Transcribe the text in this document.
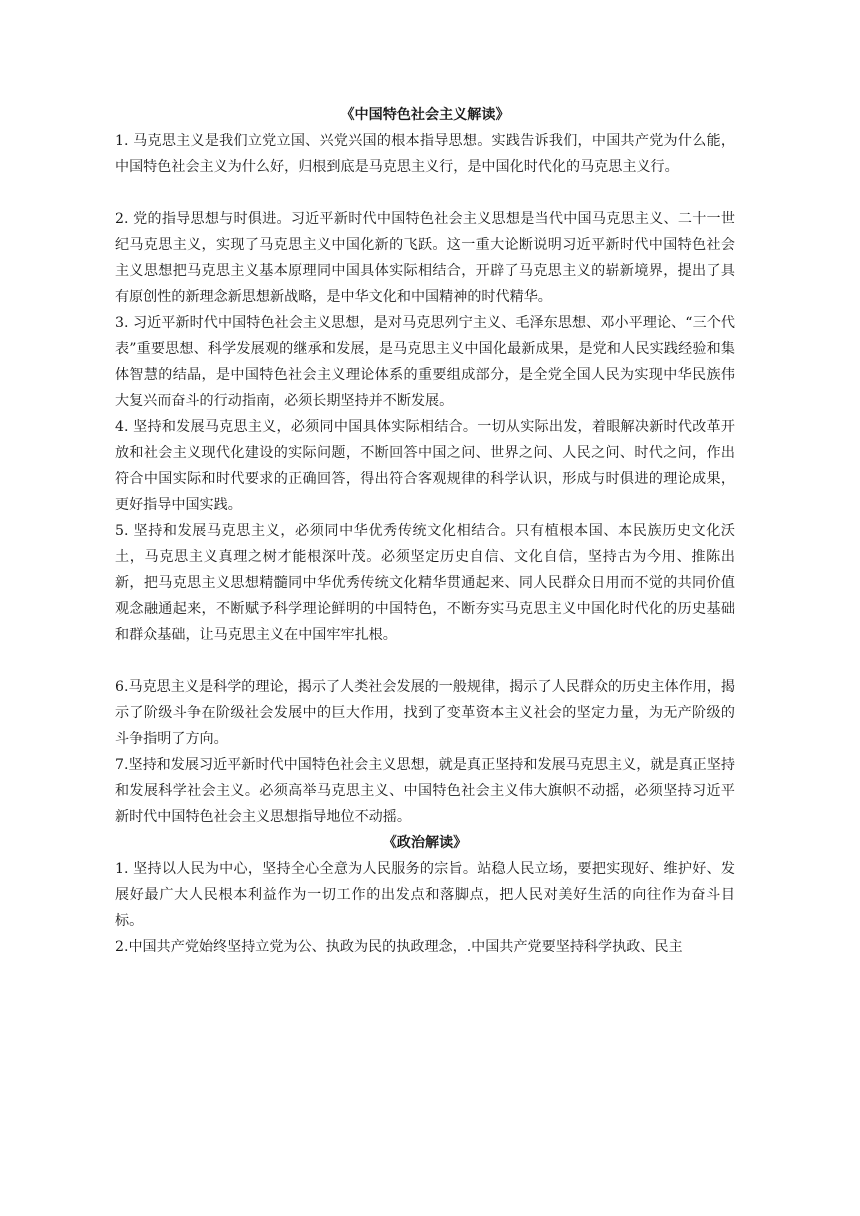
《中国特色社会主义解读》

1. 马克思主义是我们立党立国、兴党兴国的根本指导思想。实践告诉我们，中国共产党为什么能，中国特色社会主义为什么好，归根到底是马克思主义行，是中国化时代化的马克思主义行。

2. 党的指导思想与时俱进。习近平新时代中国特色社会主义思想是当代中国马克思主义、二十一世纪马克思主义，实现了马克思主义中国化新的飞跃。这一重大论断说明习近平新时代中国特色社会主义思想把马克思主义基本原理同中国具体实际相结合，开辟了马克思主义的崭新境界，提出了具有原创性的新理念新思想新战略，是中华文化和中国精神的时代精华。

3. 习近平新时代中国特色社会主义思想，是对马克思列宁主义、毛泽东思想、邓小平理论、“三个代表”重要思想、科学发展观的继承和发展，是马克思主义中国化最新成果，是党和人民实践经验和集体智慧的结晶，是中国特色社会主义理论体系的重要组成部分，是全党全国人民为实现中华民族伟大复兴而奋斗的行动指南，必须长期坚持并不断发展。

4. 坚持和发展马克思主义，必须同中国具体实际相结合。一切从实际出发，着眼解决新时代改革开放和社会主义现代化建设的实际问题，不断回答中国之问、世界之问、人民之问、时代之问，作出符合中国实际和时代要求的正确回答，得出符合客观规律的科学认识，形成与时俱进的理论成果，更好指导中国实践。

5. 坚持和发展马克思主义，必须同中华优秀传统文化相结合。只有植根本国、本民族历史文化沃土，马克思主义真理之树才能根深叶茂。必须坚定历史自信、文化自信，坚持古为今用、推陈出新，把马克思主义思想精髓同中华优秀传统文化精华贯通起来、同人民群众日用而不觉的共同价值观念融通起来，不断赋予科学理论鲜明的中国特色，不断夯实马克思主义中国化时代化的历史基础和群众基础，让马克思主义在中国牢牢扎根。

6.马克思主义是科学的理论，揭示了人类社会发展的一般规律，揭示了人民群众的历史主体作用，揭示了阶级斗争在阶级社会发展中的巨大作用，找到了变革资本主义社会的坚定力量，为无产阶级的斗争指明了方向。

7.坚持和发展习近平新时代中国特色社会主义思想，就是真正坚持和发展马克思主义，就是真正坚持和发展科学社会主义。必须高举马克思主义、中国特色社会主义伟大旗帜不动摇，必须坚持习近平新时代中国特色社会主义思想指导地位不动摇。

《政治解读》

1. 坚持以人民为中心，坚持全心全意为人民服务的宗旨。站稳人民立场，要把实现好、维护好、发展好最广大人民根本利益作为一切工作的出发点和落脚点，把人民对美好生活的向往作为奋斗目标。

2.中国共产党始终坚持立党为公、执政为民的执政理念，.中国共产党要坚持科学执政、民主
